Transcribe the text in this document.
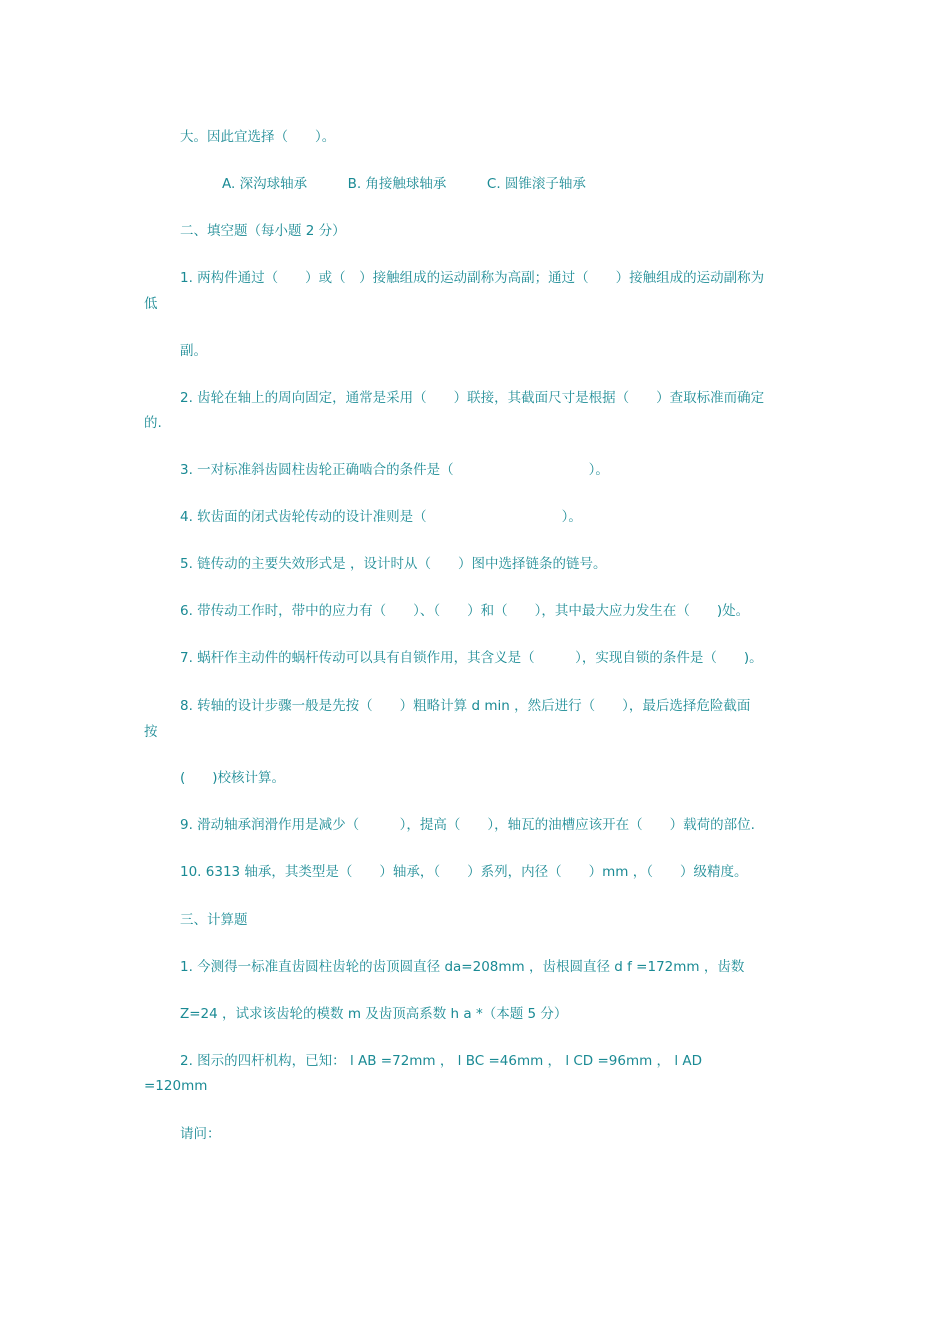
大。因此宜选择（　　）。

A. 深沟球轴承　　　B. 角接触球轴承　　　C. 圆锥滚子轴承

二、填空题（每小题 2 分）

1. 两构件通过（　　）或（　）接触组成的运动副称为高副；通过（　　）接触组成的运动副称为

低

副。

2. 齿轮在轴上的周向固定，通常是采用（　　）联接，其截面尺寸是根据（　　）查取标准而确定

的.

3. 一对标准斜齿圆柱齿轮正确啮合的条件是（　　　　　　　　　　）。

4. 软齿面的闭式齿轮传动的设计准则是（　　　　　　　　　　）。

5. 链传动的主要失效形式是 ，设计时从（　　）图中选择链条的链号。

6. 带传动工作时，带中的应力有（　　）、（　　）和（　　），其中最大应力发生在（　　)处。

7. 蜗杆作主动件的蜗杆传动可以具有自锁作用，其含义是（　　　），实现自锁的条件是（　　)。

8. 转轴的设计步骤一般是先按（　　）粗略计算 d min ，然后进行（　　），最后选择危险截面

按

(　　)校核计算。

9. 滑动轴承润滑作用是减少（　　　），提高（　　），轴瓦的油槽应该开在（　　）载荷的部位.

10. 6313 轴承，其类型是（　　）轴承，（　　）系列，内径（　　）mm ，（　　）级精度。

三、计算题

1. 今测得一标准直齿圆柱齿轮的齿顶圆直径 da=208mm ，齿根圆直径 d f =172mm ，齿数

Z=24 ，试求该齿轮的模数 m 及齿顶高系数 h a *（本题 5 分）

2. 图示的四杆机构，已知： l AB =72mm ， l BC =46mm ， l CD =96mm ， l AD

=120mm

请问：
